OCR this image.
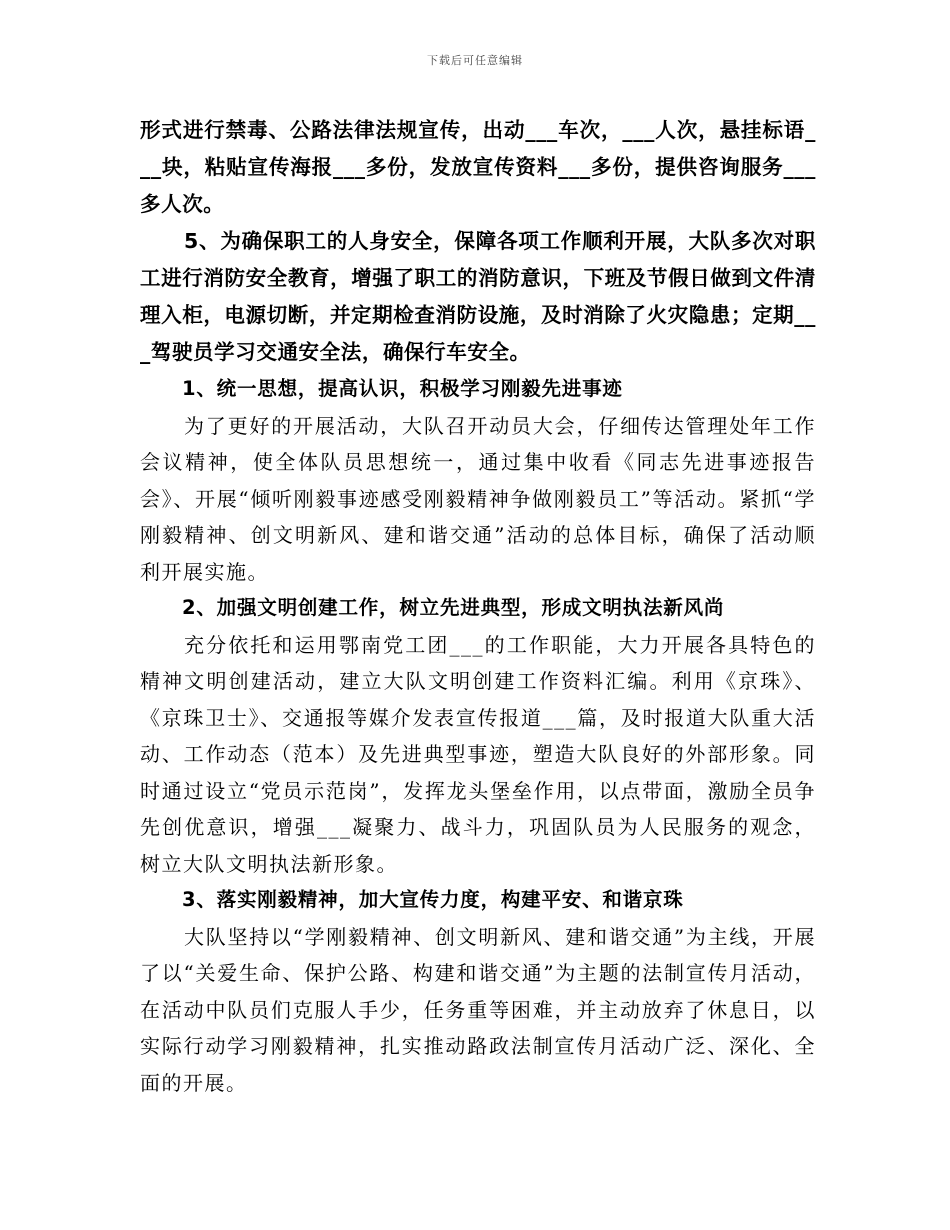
下载后可任意编辑

形式进行禁毒、公路法律法规宣传，出动___车次，___人次，悬挂标语___块，粘贴宣传海报___多份，发放宣传资料___多份，提供咨询服务___多人次。

5、为确保职工的人身安全，保障各项工作顺利开展，大队多次对职工进行消防安全教育，增强了职工的消防意识，下班及节假日做到文件清理入柜，电源切断，并定期检查消防设施，及时消除了火灾隐患；定期___驾驶员学习交通安全法，确保行车安全。

1、统一思想，提高认识，积极学习刚毅先进事迹

为了更好的开展活动，大队召开动员大会，仔细传达管理处年工作会议精神，使全体队员思想统一，通过集中收看《同志先进事迹报告会》、开展“倾听刚毅事迹感受刚毅精神争做刚毅员工”等活动。紧抓“学刚毅精神、创文明新风、建和谐交通”活动的总体目标，确保了活动顺利开展实施。

2、加强文明创建工作，树立先进典型，形成文明执法新风尚

充分依托和运用鄂南党工团___的工作职能，大力开展各具特色的精神文明创建活动，建立大队文明创建工作资料汇编。利用《京珠》、《京珠卫士》、交通报等媒介发表宣传报道___篇，及时报道大队重大活动、工作动态（范本）及先进典型事迹，塑造大队良好的外部形象。同时通过设立“党员示范岗”，发挥龙头堡垒作用，以点带面，激励全员争先创优意识，增强___凝聚力、战斗力，巩固队员为人民服务的观念，树立大队文明执法新形象。

3、落实刚毅精神，加大宣传力度，构建平安、和谐京珠

大队坚持以“学刚毅精神、创文明新风、建和谐交通”为主线，开展了以“关爱生命、保护公路、构建和谐交通”为主题的法制宣传月活动，在活动中队员们克服人手少，任务重等困难，并主动放弃了休息日，以实际行动学习刚毅精神，扎实推动路政法制宣传月活动广泛、深化、全面的开展。
